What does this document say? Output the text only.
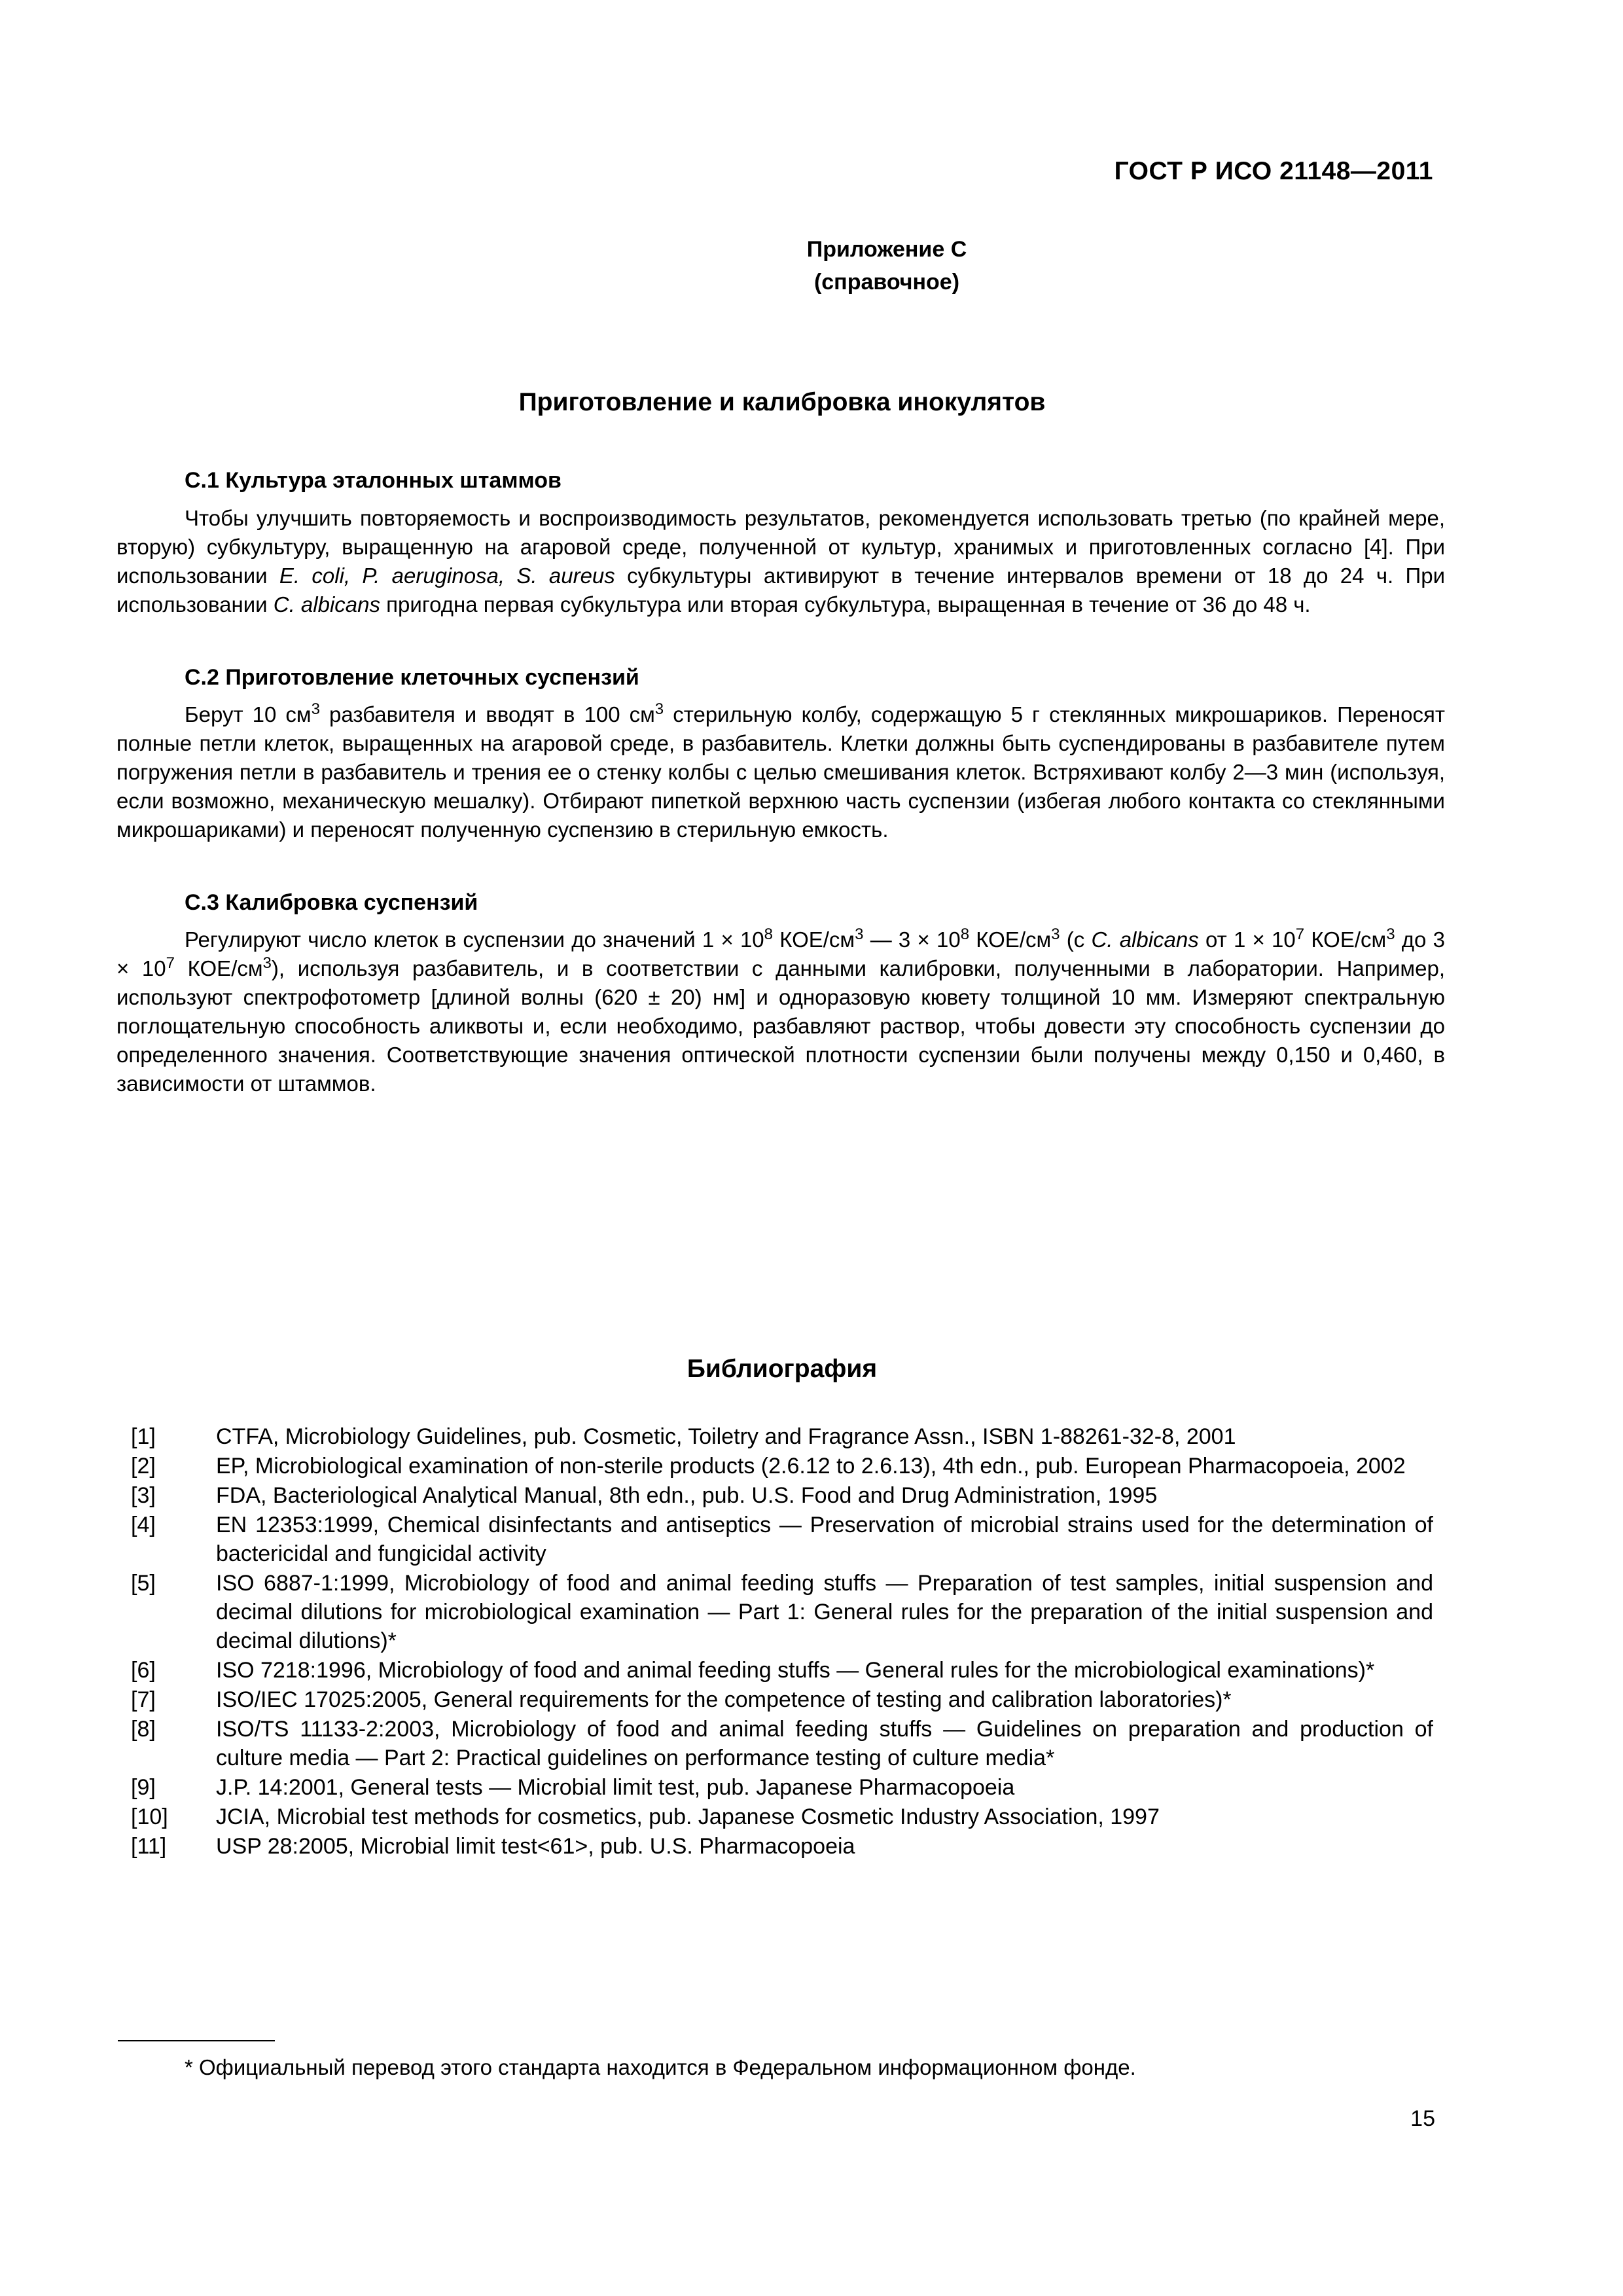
ГОСТ Р ИСО 21148—2011
Приложение С
(справочное)
Приготовление и калибровка инокулятов
С.1 Культура эталонных штаммов

Чтобы улучшить повторяемость и воспроизводимость результатов, рекомендуется использовать третью (по крайней мере, вторую) субкультуру, выращенную на агаровой среде, полученной от культур, хранимых и приготовленных согласно [4]. При использовании E. coli, P. aeruginosa, S. aureus субкультуры активируют в течение интервалов времени от 18 до 24 ч. При использовании C. albicans пригодна первая субкультура или вторая субкультура, выращенная в течение от 36 до 48 ч.

С.2 Приготовление клеточных суспензий

Берут 10 $см^3$ разбавителя и вводят в 100 $см^3$ стерильную колбу, содержащую 5 г стеклянных микрошариков. Переносят полные петли клеток, выращенных на агаровой среде, в разбавитель. Клетки должны быть суспендированы в разбавителе путем погружения петли в разбавитель и трения ее о стенку колбы с целью смешивания клеток. Встряхивают колбу 2—3 мин (используя, если возможно, механическую мешалку). Отбирают пипеткой верхнюю часть суспензии (избегая любого контакта со стеклянными микрошариками) и переносят полученную суспензию в стерильную емкость.

С.3 Калибровка суспензий

Регулируют число клеток в суспензии до значений $1 \times 10^8$ КОЕ/$см^3$ — $3 \times 10^8$ КОЕ/$см^3$ (с C. albicans от $1 \times 10^7$ КОЕ/$см^3$ до $3 \times 10^7$ КОЕ/$см^3$), используя разбавитель, и в соответствии с данными калибровки, полученными в лаборатории. Например, используют спектрофотометр [длиной волны (620 ± 20) нм] и одноразовую кювету толщиной 10 мм. Измеряют спектральную поглощательную способность аликвоты и, если необходимо, разбавляют раствор, чтобы довести эту способность суспензии до определенного значения. Соответствующие значения оптической плотности суспензии были получены между 0,150 и 0,460, в зависимости от штаммов.

Библиография
[1]	CTFA, Microbiology Guidelines, pub. Cosmetic, Toiletry and Fragrance Assn., ISBN 1-88261-32-8, 2001
[2]	EP, Microbiological examination of non-sterile products (2.6.12 to 2.6.13), 4th edn., pub. European Pharmacopoeia, 2002
[3]	FDA, Bacteriological Analytical Manual, 8th edn., pub. U.S. Food and Drug Administration, 1995
[4]	EN 12353:1999, Chemical disinfectants and antiseptics — Preservation of microbial strains used for the determination of bactericidal and fungicidal activity
[5]	ISO 6887-1:1999, Microbiology of food and animal feeding stuffs — Preparation of test samples, initial suspension and decimal dilutions for microbiological examination — Part 1: General rules for the preparation of the initial suspension and decimal dilutions)*
[6]	ISO 7218:1996, Microbiology of food and animal feeding stuffs — General rules for the microbiological examinations)*
[7]	ISO/IEC 17025:2005, General requirements for the competence of testing and calibration laboratories)*
[8]	ISO/TS 11133-2:2003, Microbiology of food and animal feeding stuffs — Guidelines on preparation and production of culture media — Part 2: Practical guidelines on performance testing of culture media*
[9]	J.P. 14:2001, General tests — Microbial limit test, pub. Japanese Pharmacopoeia
[10]	JCIA, Microbial test methods for cosmetics, pub. Japanese Cosmetic Industry Association, 1997
[11]	USP 28:2005, Microbial limit test<61>, pub. U.S. Pharmacopoeia
* Официальный перевод этого стандарта находится в Федеральном информационном фонде.
15
